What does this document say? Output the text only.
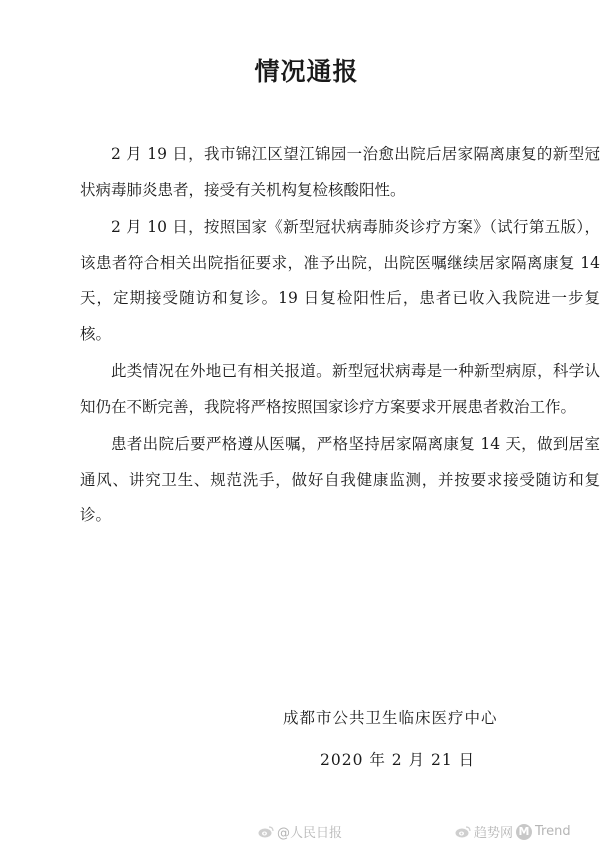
情况通报

2 月 19 日，我市锦江区望江锦园一治愈出院后居家隔离康复的新型冠状病毒肺炎患者，接受有关机构复检核酸阳性。

2 月 10 日，按照国家《新型冠状病毒肺炎诊疗方案》（试行第五版），该患者符合相关出院指征要求，准予出院，出院医嘱继续居家隔离康复 14 天，定期接受随访和复诊。19 日复检阳性后，患者已收入我院进一步复核。

此类情况在外地已有相关报道。新型冠状病毒是一种新型病原，科学认知仍在不断完善，我院将严格按照国家诊疗方案要求开展患者救治工作。

患者出院后要严格遵从医嘱，严格坚持居家隔离康复 14 天，做到居室通风、讲究卫生、规范洗手，做好自我健康监测，并按要求接受随访和复诊。

成都市公共卫生临床医疗中心
2020 年 2 月 21 日
@人民日报	趋势网 M Trend
